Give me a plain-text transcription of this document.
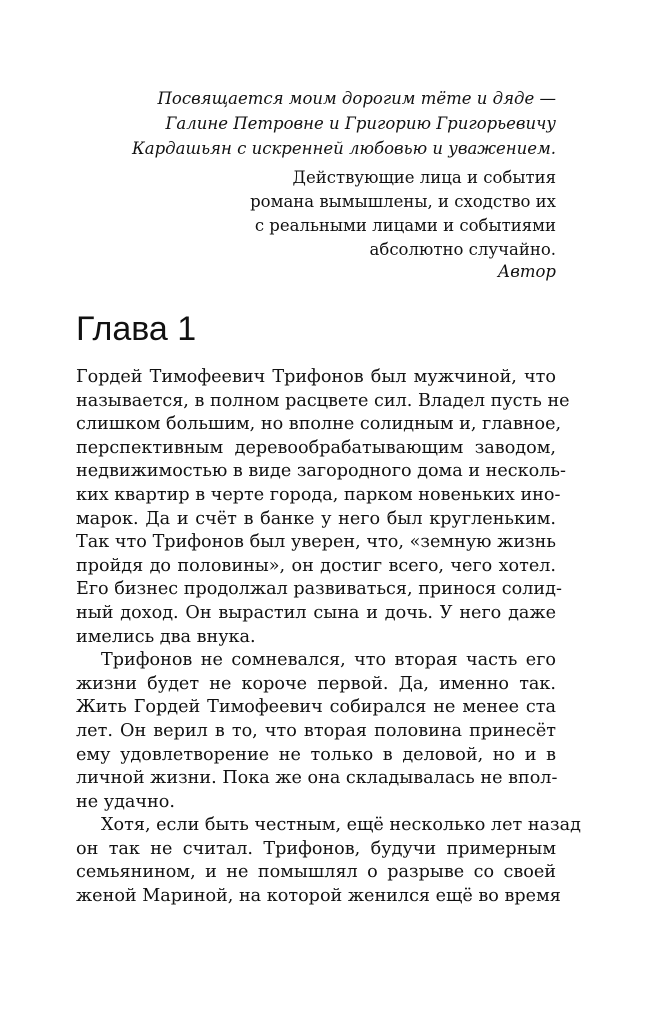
Посвящается моим дорогим тёте и дяде —
Галине Петровне и Григорию Григорьевичу
Кардашьян с искренней любовью и уважением.
Действующие лица и события
романа вымышлены, и сходство их
с реальными лицами и событиями
абсолютно случайно.
Автор
Глава 1
Гордей Тимофеевич Трифонов был мужчиной, что
называется, в полном расцвете сил. Владел пусть не
слишком большим, но вполне солидным и, главное,
перспективным деревообрабатывающим заводом,
недвижимостью в виде загородного дома и несколь-
ких квартир в черте города, парком новеньких ино-
марок. Да и счёт в банке у него был кругленьким.
Так что Трифонов был уверен, что, «земную жизнь
пройдя до половины», он достиг всего, чего хотел.
Его бизнес продолжал развиваться, принося солид-
ный доход. Он вырастил сына и дочь. У него даже
имелись два внука.
Трифонов не сомневался, что вторая часть его
жизни будет не короче первой. Да, именно так.
Жить Гордей Тимофеевич собирался не менее ста
лет. Он верил в то, что вторая половина принесёт
ему удовлетворение не только в деловой, но и в
личной жизни. Пока же она складывалась не впол-
не удачно.
Хотя, если быть честным, ещё несколько лет назад
он так не считал. Трифонов, будучи примерным
семьянином, и не помышлял о разрыве со своей
женой Мариной, на которой женился ещё во время
